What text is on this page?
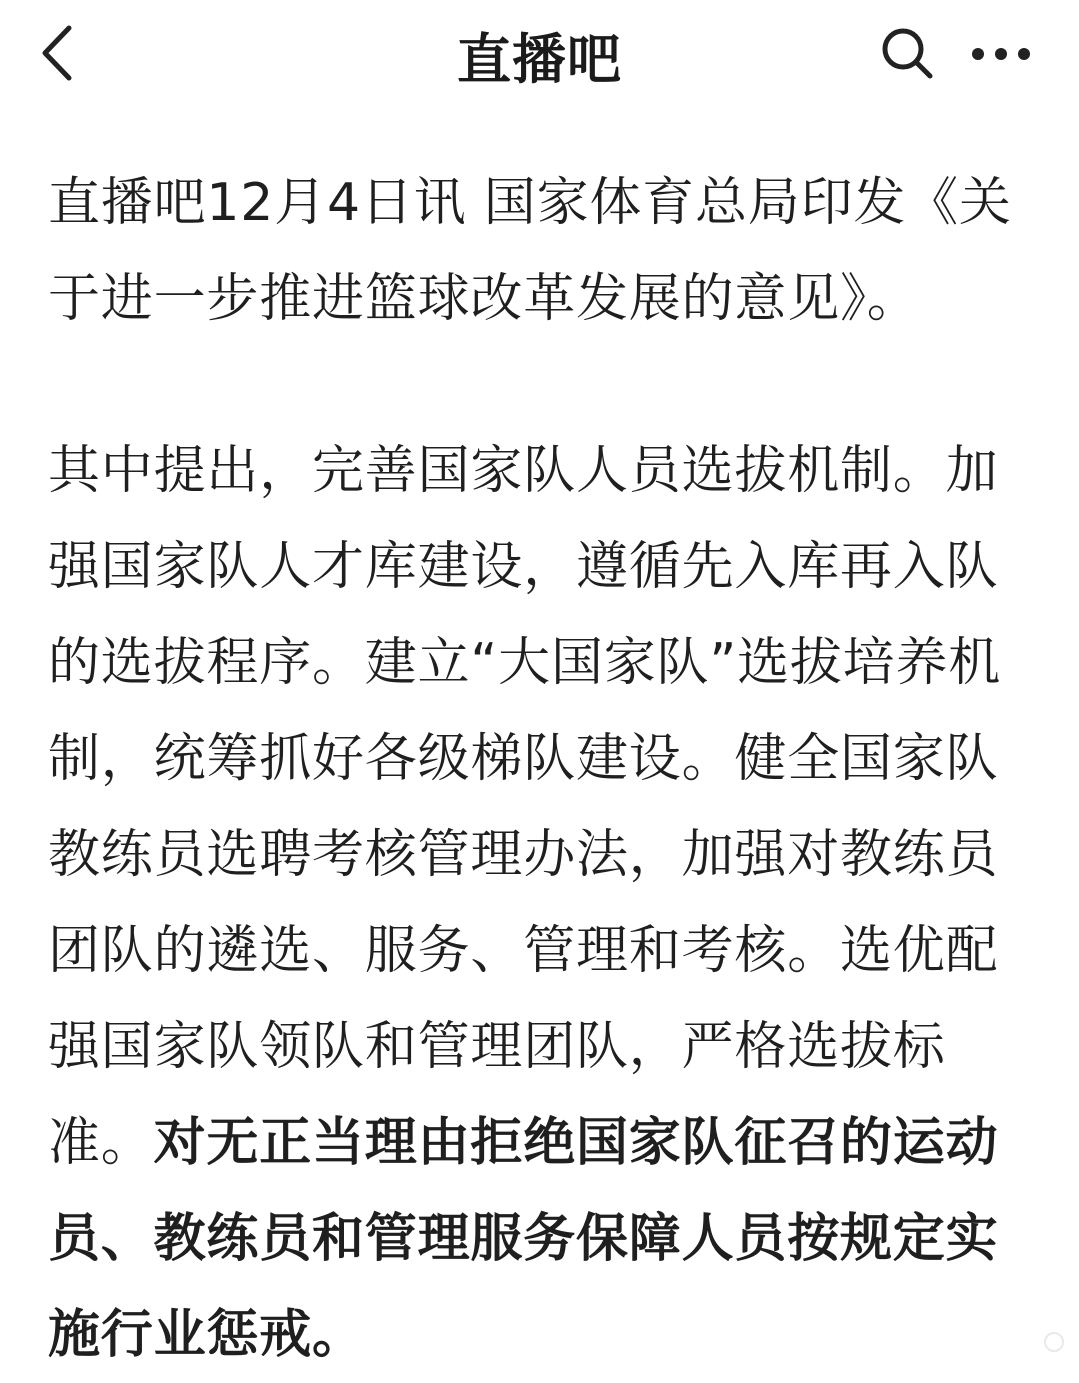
直播吧

直播吧12月4日讯 国家体育总局印发《关于进一步推进篮球改革发展的意见》。

其中提出，完善国家队人员选拔机制。加强国家队人才库建设，遵循先入库再入队的选拔程序。建立“大国家队”选拔培养机制，统筹抓好各级梯队建设。健全国家队教练员选聘考核管理办法，加强对教练员团队的遴选、服务、管理和考核。选优配强国家队领队和管理团队，严格选拔标准。对无正当理由拒绝国家队征召的运动员、教练员和管理服务保障人员按规定实施行业惩戒。
